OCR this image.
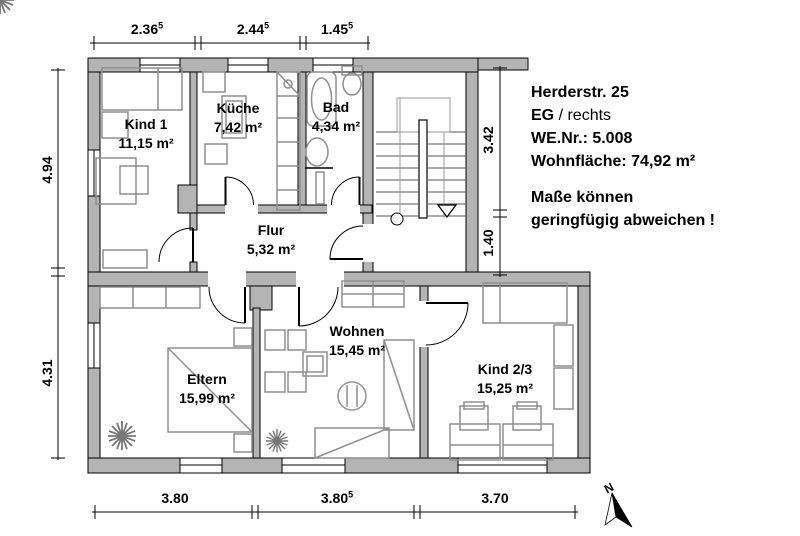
2.36$^5$	2.44$^5$	1.45$^5$
3.80	3.80$^5$	3.70
4.94
4.31
3.42
1.40
Kind 1
11,15 m²
Küche
7,42 m²
Bad
4,34 m²
Flur
5,32 m²
Eltern
15,99 m²
Wohnen
15,45 m²
Kind 2/3
15,25 m²
Herderstr. 25
EG / rechts
WE.Nr.: 5.008
Wohnfläche: 74,92 m²
Maße können
geringfügig abweichen !
N
